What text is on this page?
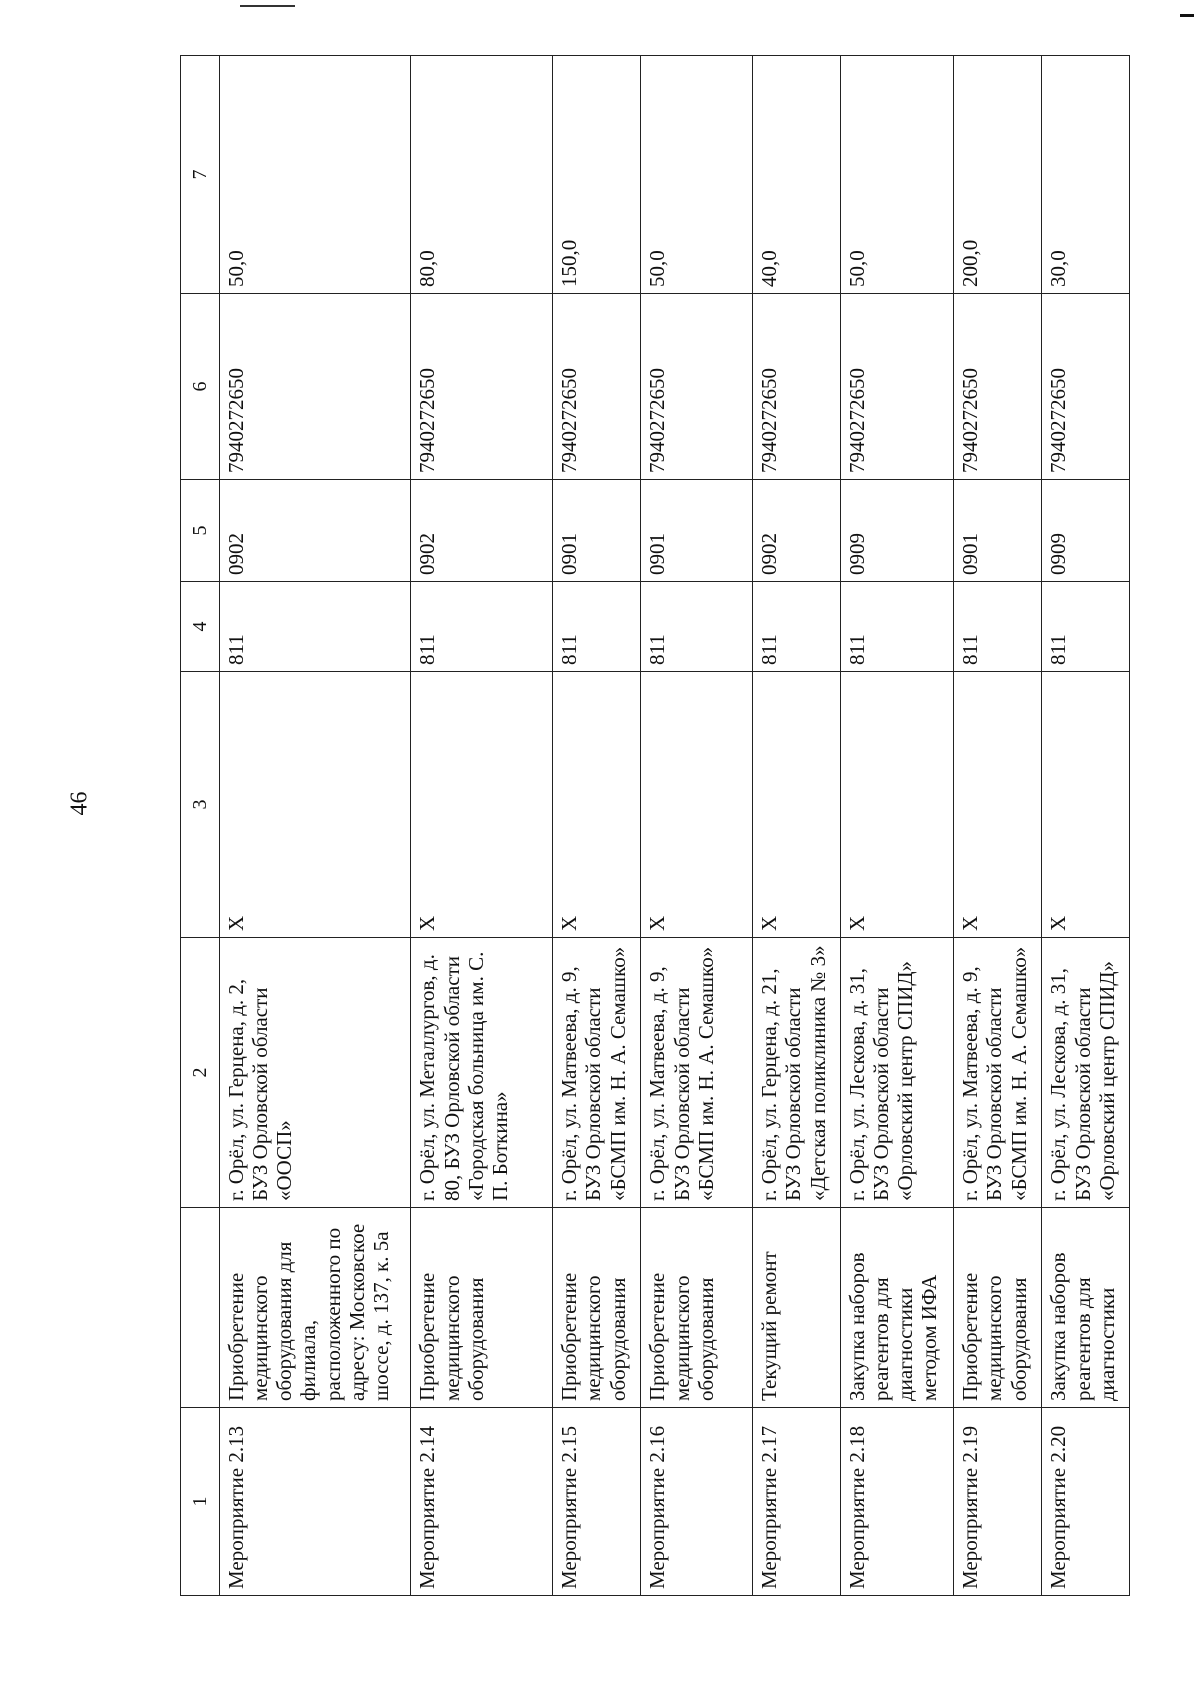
46
1		2	3	4	5	6	7
Мероприятие 2.13	Приобретение медицинского оборудования для филиала, расположенного по адресу: Московское шоссе, д. 137, к. 5а	г. Орёл, ул. Герцена, д. 2, БУЗ Орловской области «ООСП»	X	811	0902	7940272650	50,0
Мероприятие 2.14	Приобретение медицинского оборудования	г. Орёл, ул. Металлургов, д. 80, БУЗ Орловской области «Городская больница им. С. П. Боткина»	X	811	0902	7940272650	80,0
Мероприятие 2.15	Приобретение медицинского оборудования	г. Орёл, ул. Матвеева, д. 9, БУЗ Орловской области «БСМП им. Н. А. Семашко»	X	811	0901	7940272650	150,0
Мероприятие 2.16	Приобретение медицинского оборудования	г. Орёл, ул. Матвеева, д. 9, БУЗ Орловской области «БСМП им. Н. А. Семашко»	X	811	0901	7940272650	50,0
Мероприятие 2.17	Текущий ремонт	г. Орёл, ул. Герцена, д. 21, БУЗ Орловской области «Детская поликлиника № 3»	X	811	0902	7940272650	40,0
Мероприятие 2.18	Закупка наборов реагентов для диагностики методом ИФА	г. Орёл, ул. Лескова, д. 31, БУЗ Орловской области «Орловский центр СПИД»	X	811	0909	7940272650	50,0
Мероприятие 2.19	Приобретение медицинского оборудования	г. Орёл, ул. Матвеева, д. 9, БУЗ Орловской области «БСМП им. Н. А. Семашко»	X	811	0901	7940272650	200,0
Мероприятие 2.20	Закупка наборов реагентов для диагностики	г. Орёл, ул. Лескова, д. 31, БУЗ Орловской области «Орловский центр СПИД»	X	811	0909	7940272650	30,0
